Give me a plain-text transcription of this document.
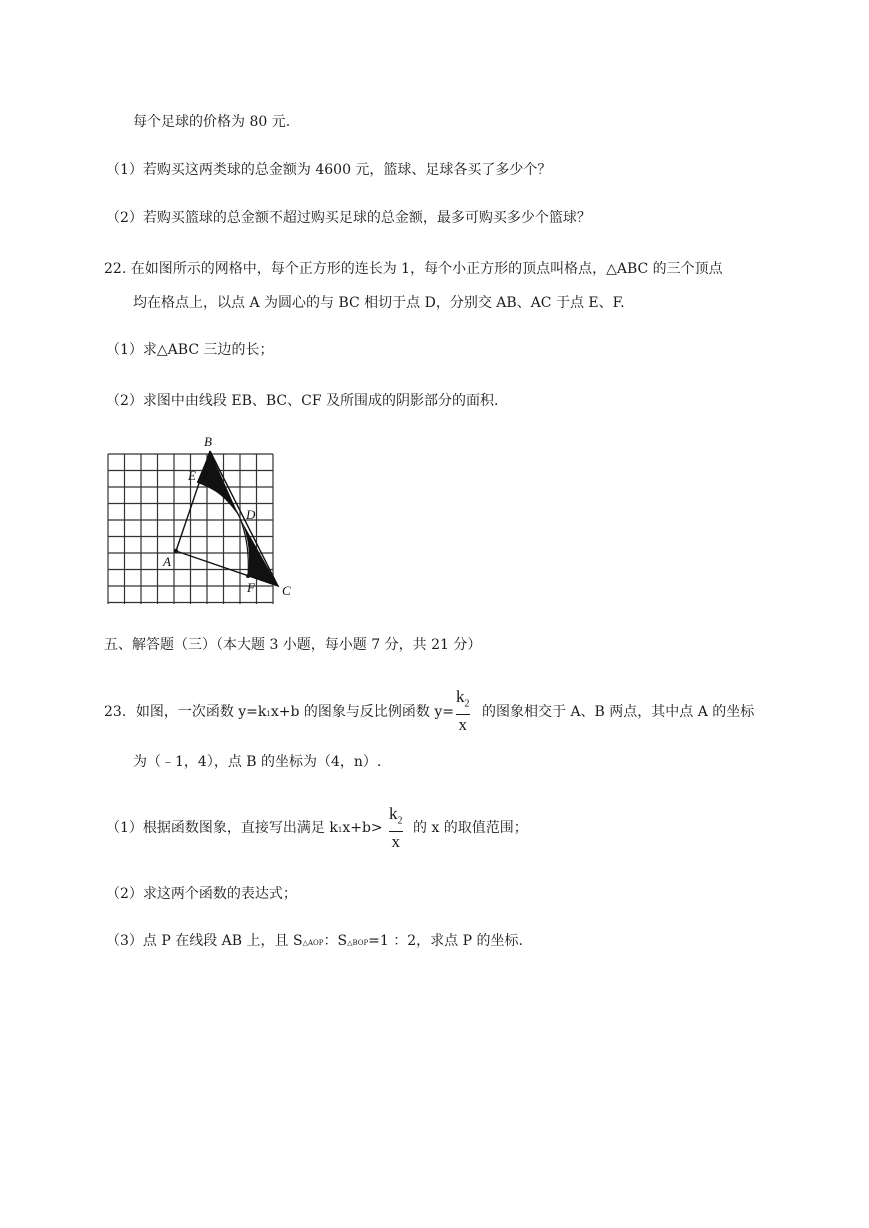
每个足球的价格为 80 元.
（1）若购买这两类球的总金额为 4600 元，篮球、足球各买了多少个？
（2）若购买篮球的总金额不超过购买足球的总金额，最多可购买多少个篮球？
22. 在如图所示的网格中，每个正方形的连长为 1，每个小正方形的顶点叫格点，△ABC 的三个顶点
均在格点上，以点 A 为圆心的与 BC 相切于点 D，分别交 AB、AC 于点 E、F.
（1）求△ABC 三边的长；
（2）求图中由线段 EB、BC、CF 及所围成的阴影部分的面积.
B
E
D
A
F C
五、解答题（三）（本大题 3 小题，每小题 7 分，共 21 分）
23．如图，一次函数 y=k1x+b 的图象与反比例函数 y=
$k_2$
x
的图象相交于 A、B 两点，其中点 A 的坐标
为（﹣1，4），点 B 的坐标为（4，n）.
（1）根据函数图象，直接写出满足 k1x+b>
$k_2$
x
的 x 的取值范围；
（2）求这两个函数的表达式；
（3）点 P 在线段 AB 上，且 S△AOP：S△BOP=1 ：2，求点 P 的坐标.
